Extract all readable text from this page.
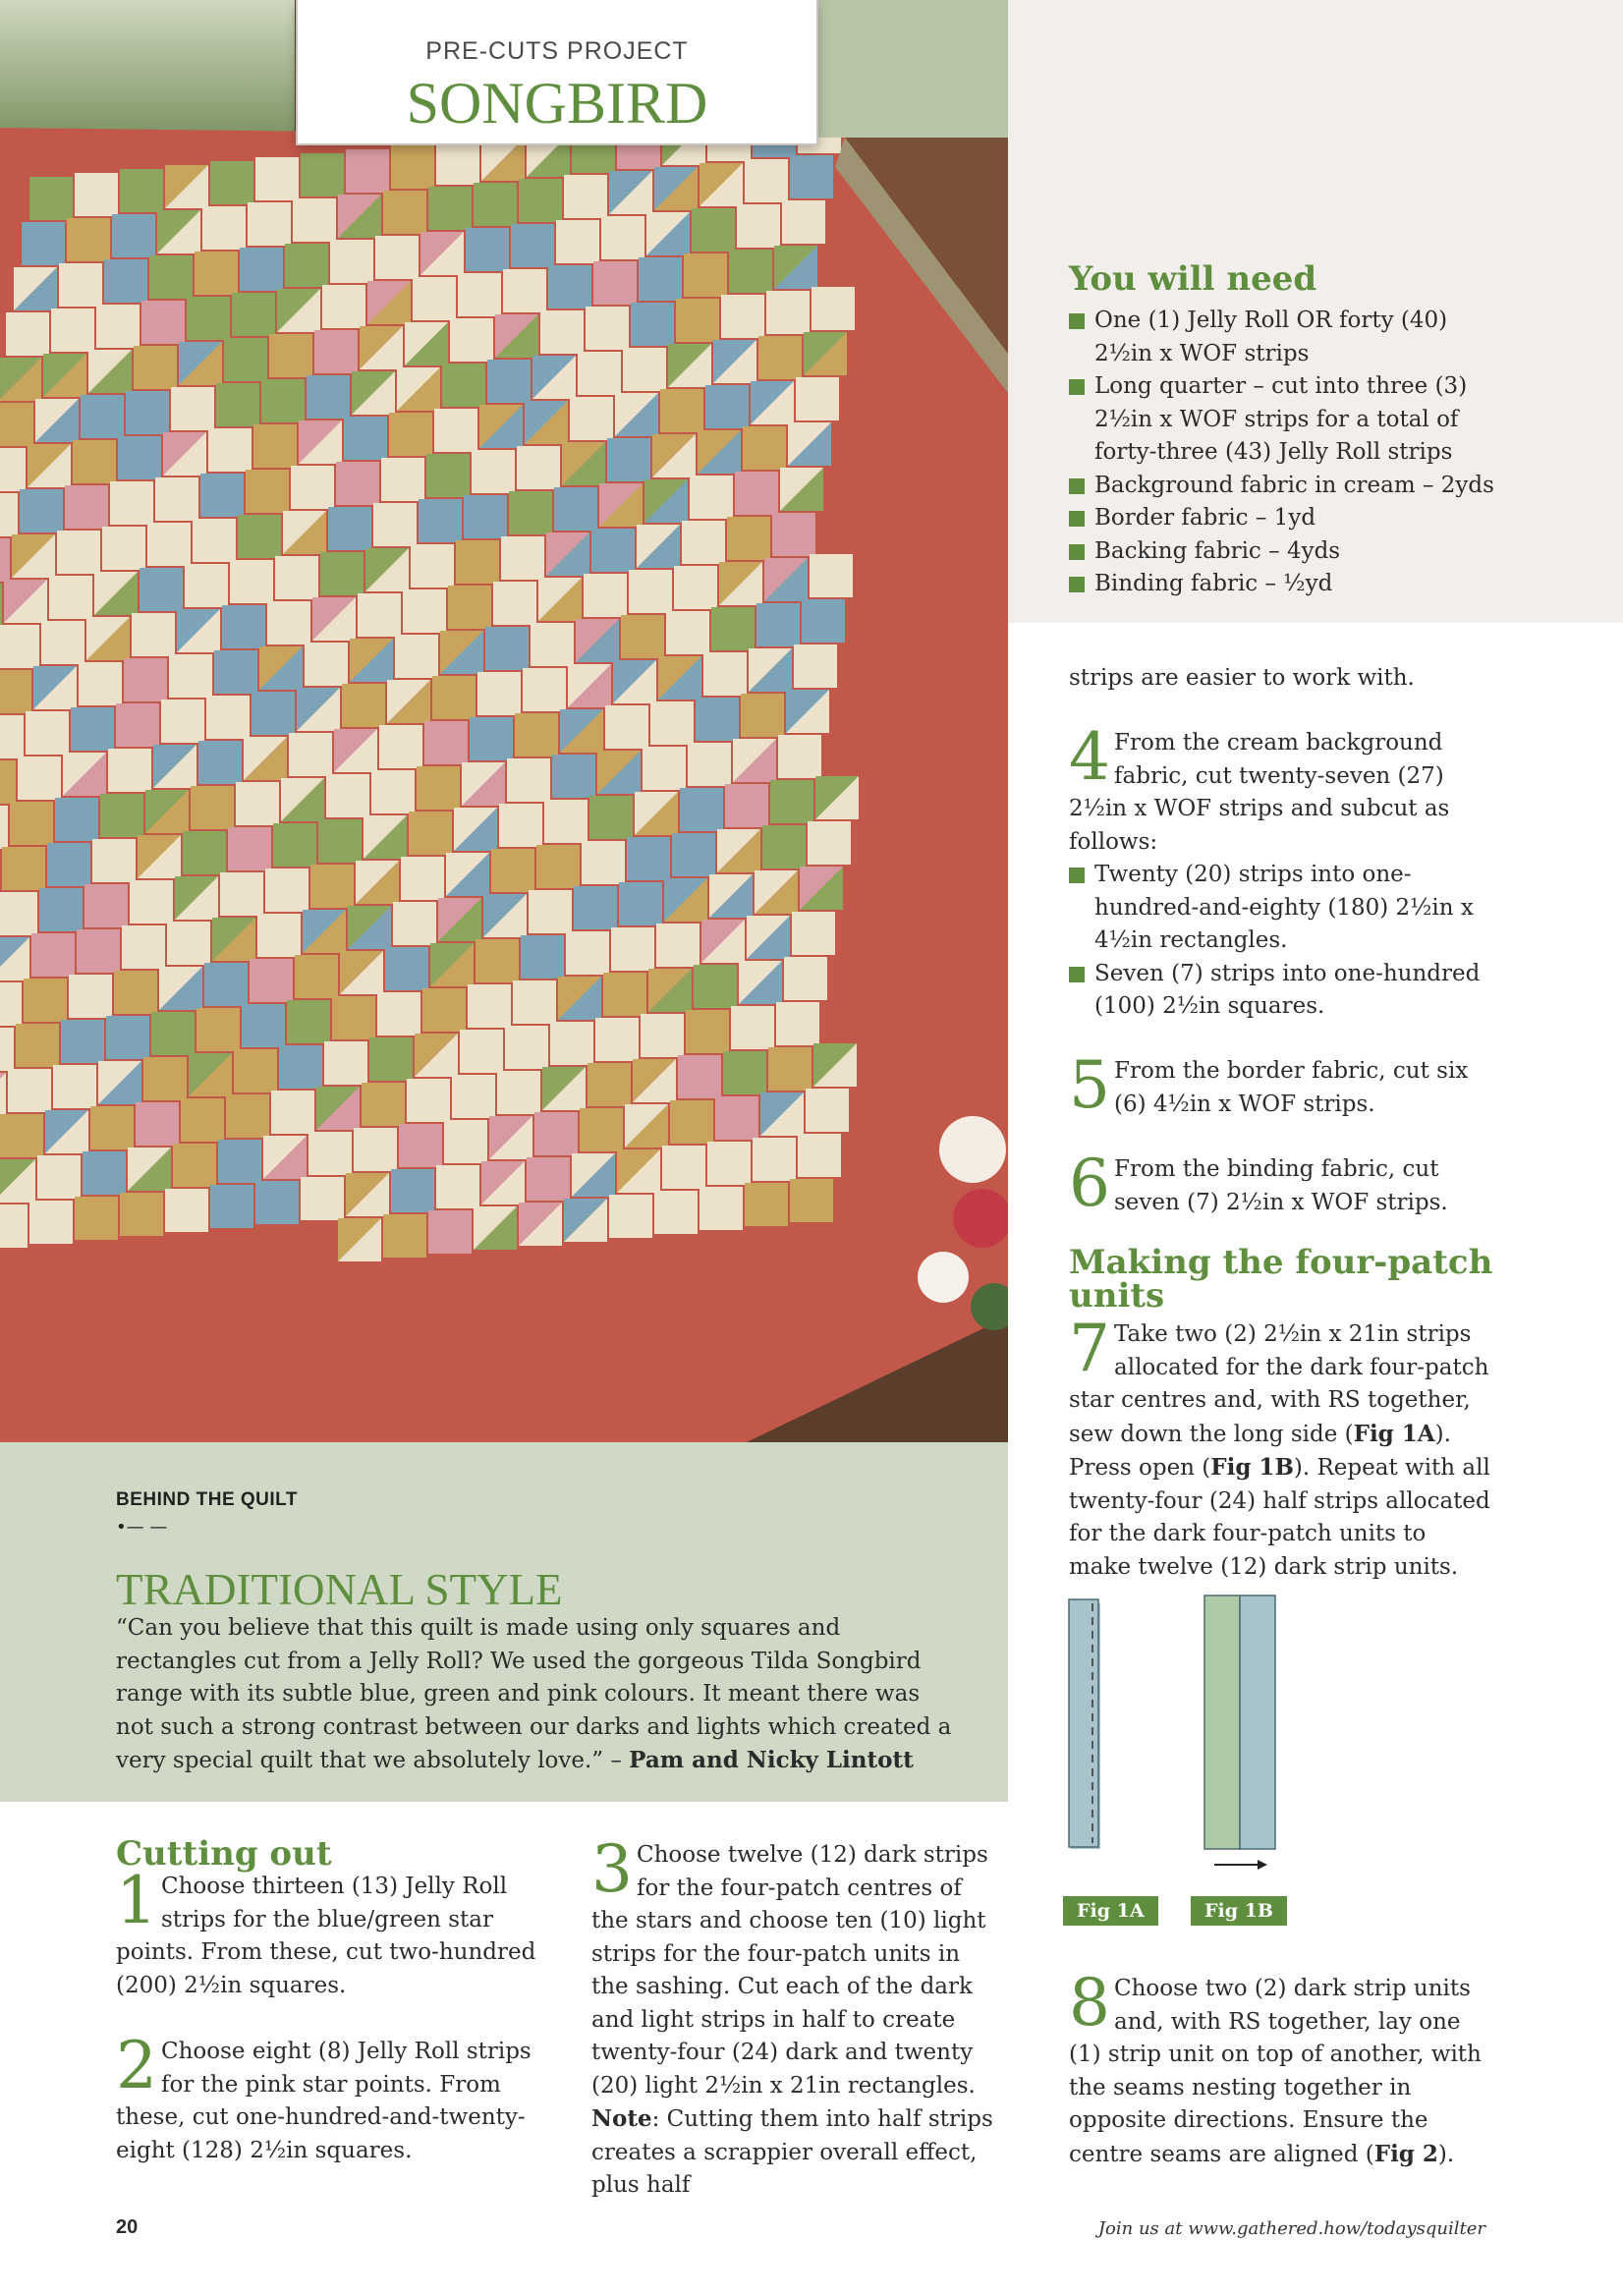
PRE-CUTS PROJECT
SONGBIRD
You will need
One (1) Jelly Roll OR forty (40) 2½in x WOF strips
Long quarter – cut into three (3) 2½in x WOF strips for a total of forty-three (43) Jelly Roll strips
Background fabric in cream – 2yds
Border fabric – 1yd
Backing fabric – 4yds
Binding fabric – ½yd
strips are easier to work with.
4 From the cream background fabric, cut twenty-seven (27) 2½in x WOF strips and subcut as follows:
Twenty (20) strips into one-hundred-and-eighty (180) 2½in x 4½in rectangles.
Seven (7) strips into one-hundred (100) 2½in squares.
5 From the border fabric, cut six (6) 4½in x WOF strips.
6 From the binding fabric, cut seven (7) 2½in x WOF strips.
Making the four-patch units
7 Take two (2) 2½in x 21in strips allocated for the dark four-patch star centres and, with RS together, sew down the long side (Fig 1A). Press open (Fig 1B). Repeat with all twenty-four (24) half strips allocated for the dark four-patch units to make twelve (12) dark strip units.
Fig 1A	Fig 1B
8 Choose two (2) dark strip units and, with RS together, lay one (1) strip unit on top of another, with the seams nesting together in opposite directions. Ensure the centre seams are aligned (Fig 2).
BEHIND THE QUILT
•— —
TRADITIONAL STYLE
“Can you believe that this quilt is made using only squares and rectangles cut from a Jelly Roll? We used the gorgeous Tilda Songbird range with its subtle blue, green and pink colours. It meant there was not such a strong contrast between our darks and lights which created a very special quilt that we absolutely love.” – Pam and Nicky Lintott
Cutting out
1 Choose thirteen (13) Jelly Roll strips for the blue/green star points. From these, cut two-hundred (200) 2½in squares.
2 Choose eight (8) Jelly Roll strips for the pink star points. From these, cut one-hundred-and-twenty-eight (128) 2½in squares.
3 Choose twelve (12) dark strips for the four-patch centres of the stars and choose ten (10) light strips for the four-patch units in the sashing. Cut each of the dark and light strips in half to create twenty-four (24) dark and twenty (20) light 2½in x 21in rectangles. Note: Cutting them into half strips creates a scrappier overall effect, plus half
20	Join us at www.gathered.how/todaysquilter
